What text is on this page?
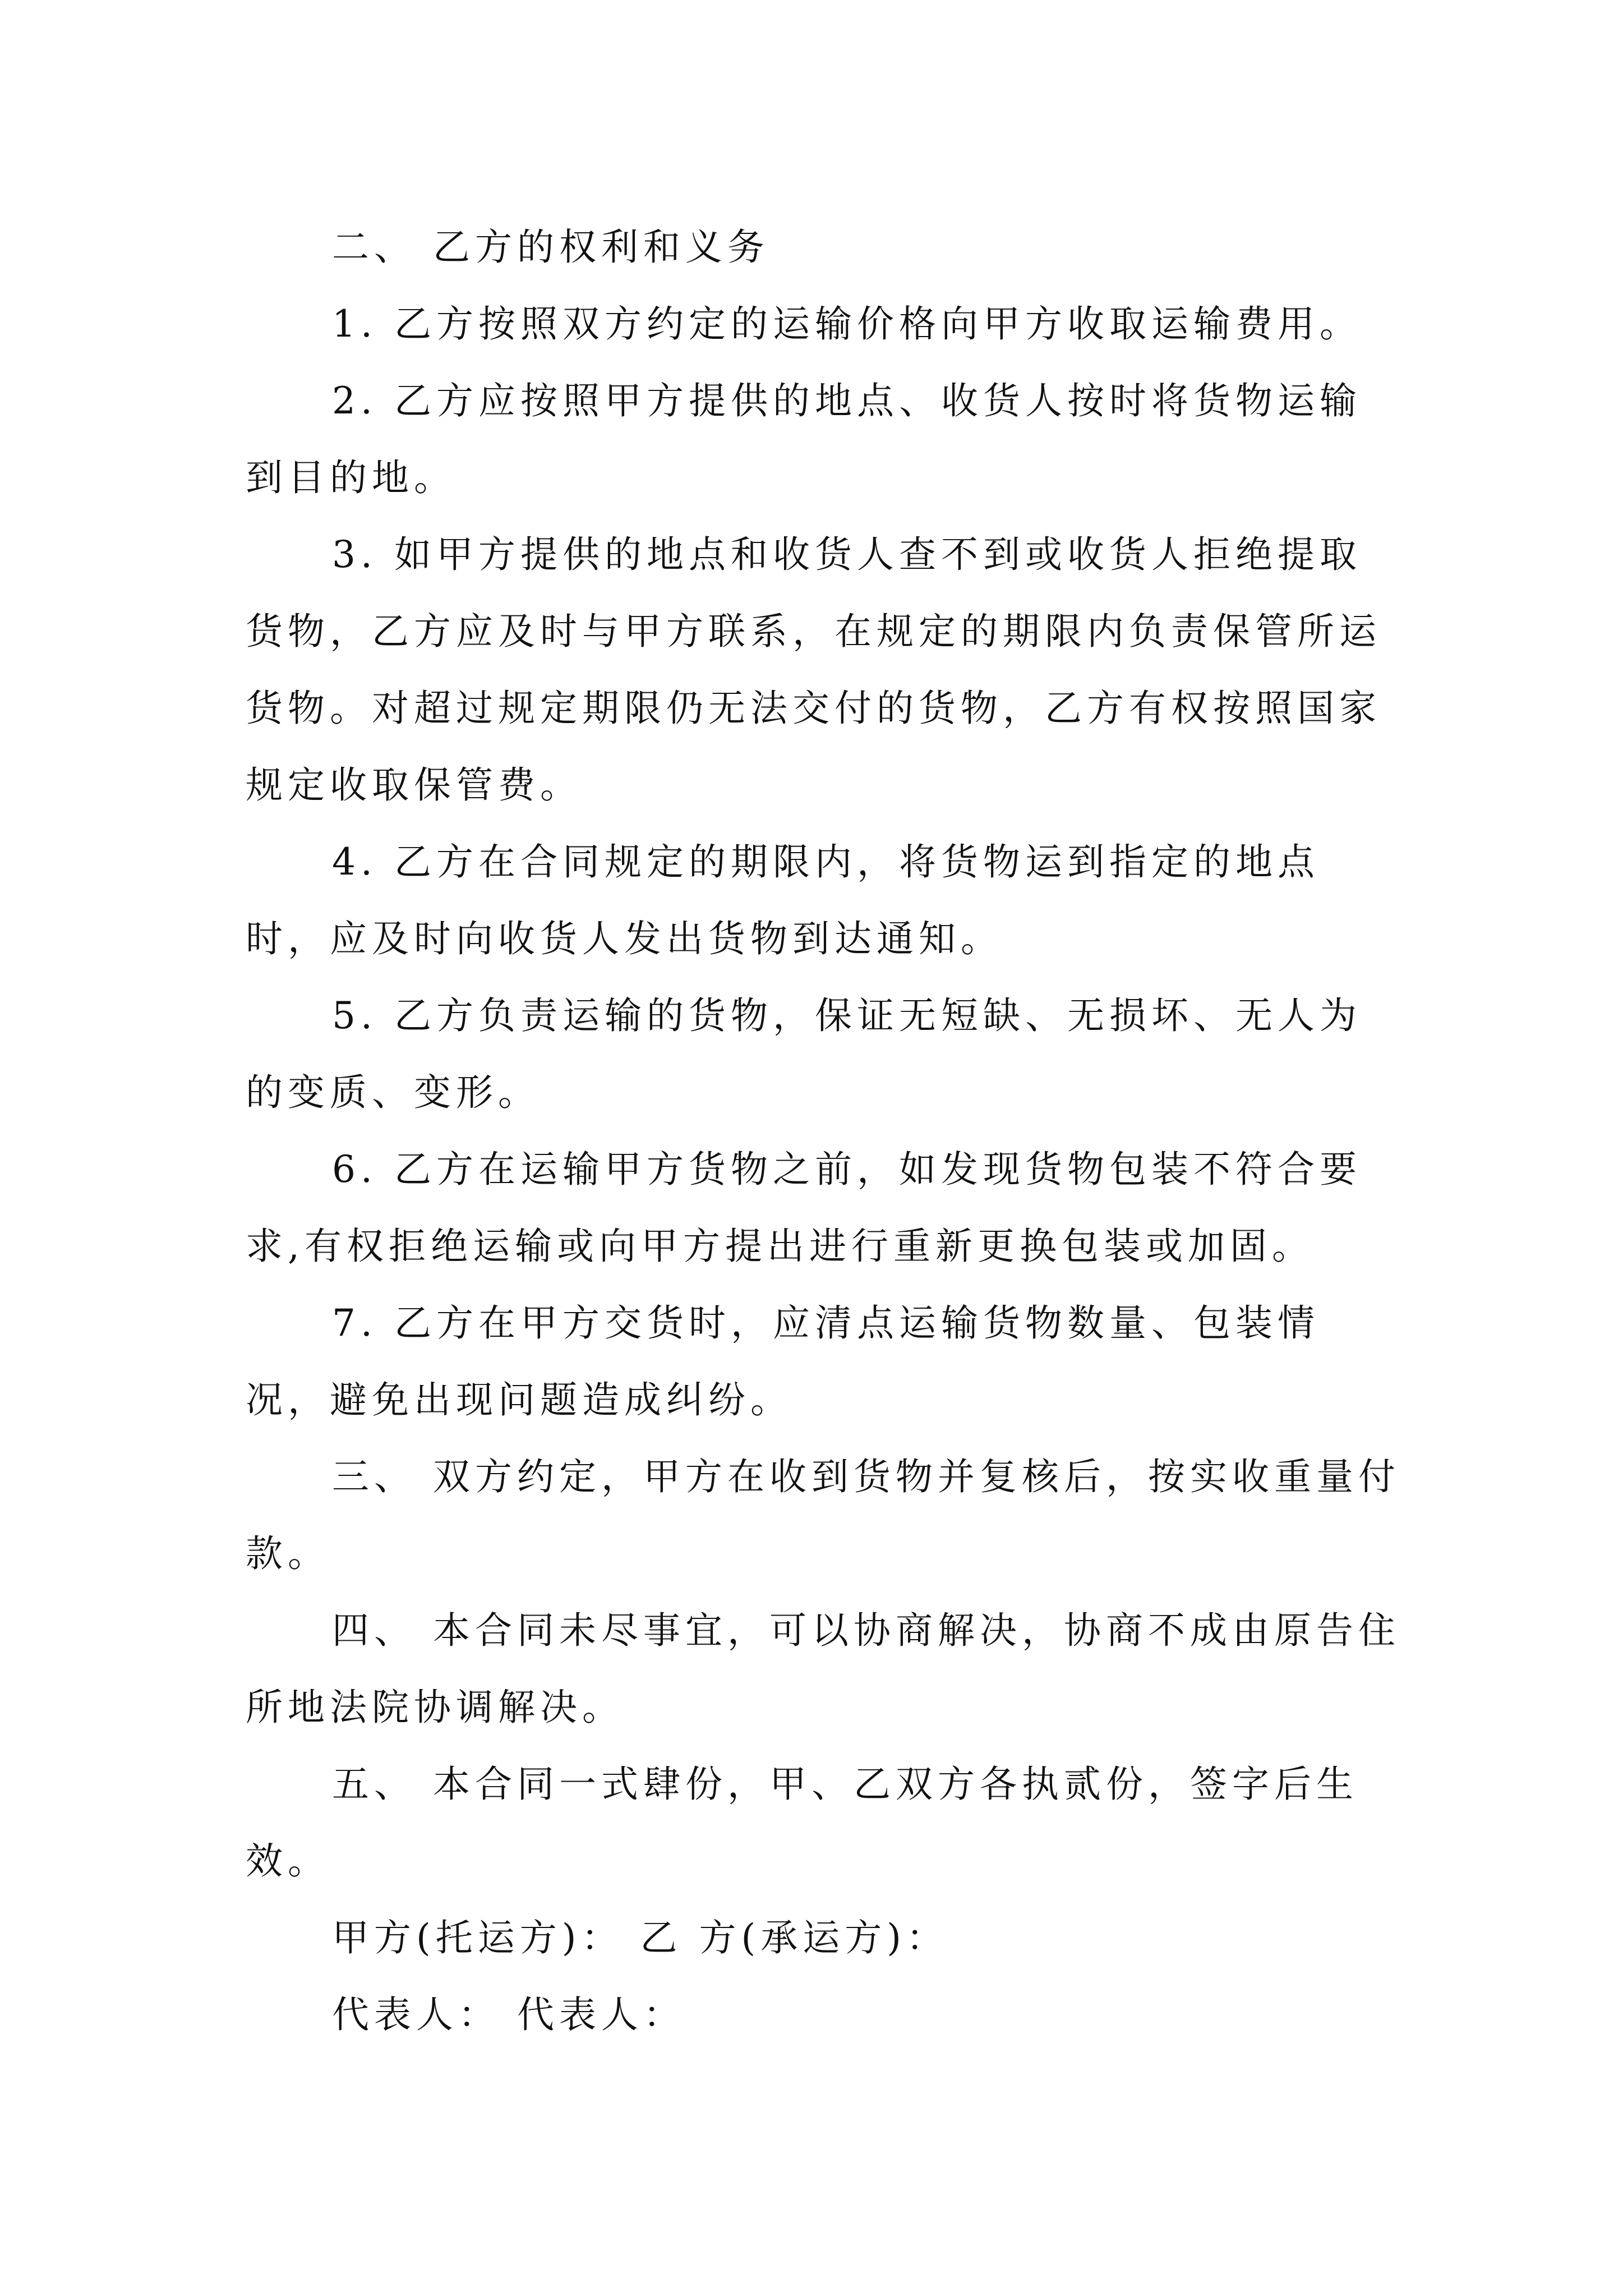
二、 乙方的权利和义务

1. 乙方按照双方约定的运输价格向甲方收取运输费用。

2. 乙方应按照甲方提供的地点、收货人按时将货物运输到目的地。

3. 如甲方提供的地点和收货人查不到或收货人拒绝提取货物，乙方应及时与甲方联系，在规定的期限内负责保管所运货物。对超过规定期限仍无法交付的货物，乙方有权按照国家规定收取保管费。

4. 乙方在合同规定的期限内，将货物运到指定的地点时，应及时向收货人发出货物到达通知。

5. 乙方负责运输的货物，保证无短缺、无损坏、无人为的变质、变形。

6. 乙方在运输甲方货物之前，如发现货物包装不符合要求,有权拒绝运输或向甲方提出进行重新更换包装或加固。

7. 乙方在甲方交货时，应清点运输货物数量、包装情况，避免出现问题造成纠纷。

三、 双方约定，甲方在收到货物并复核后，按实收重量付款。

四、 本合同未尽事宜，可以协商解决，协商不成由原告住所地法院协调解决。

五、 本合同一式肆份，甲、乙双方各执贰份，签字后生效。

甲方(托运方)： 乙 方(承运方)：

代表人： 代表人：
